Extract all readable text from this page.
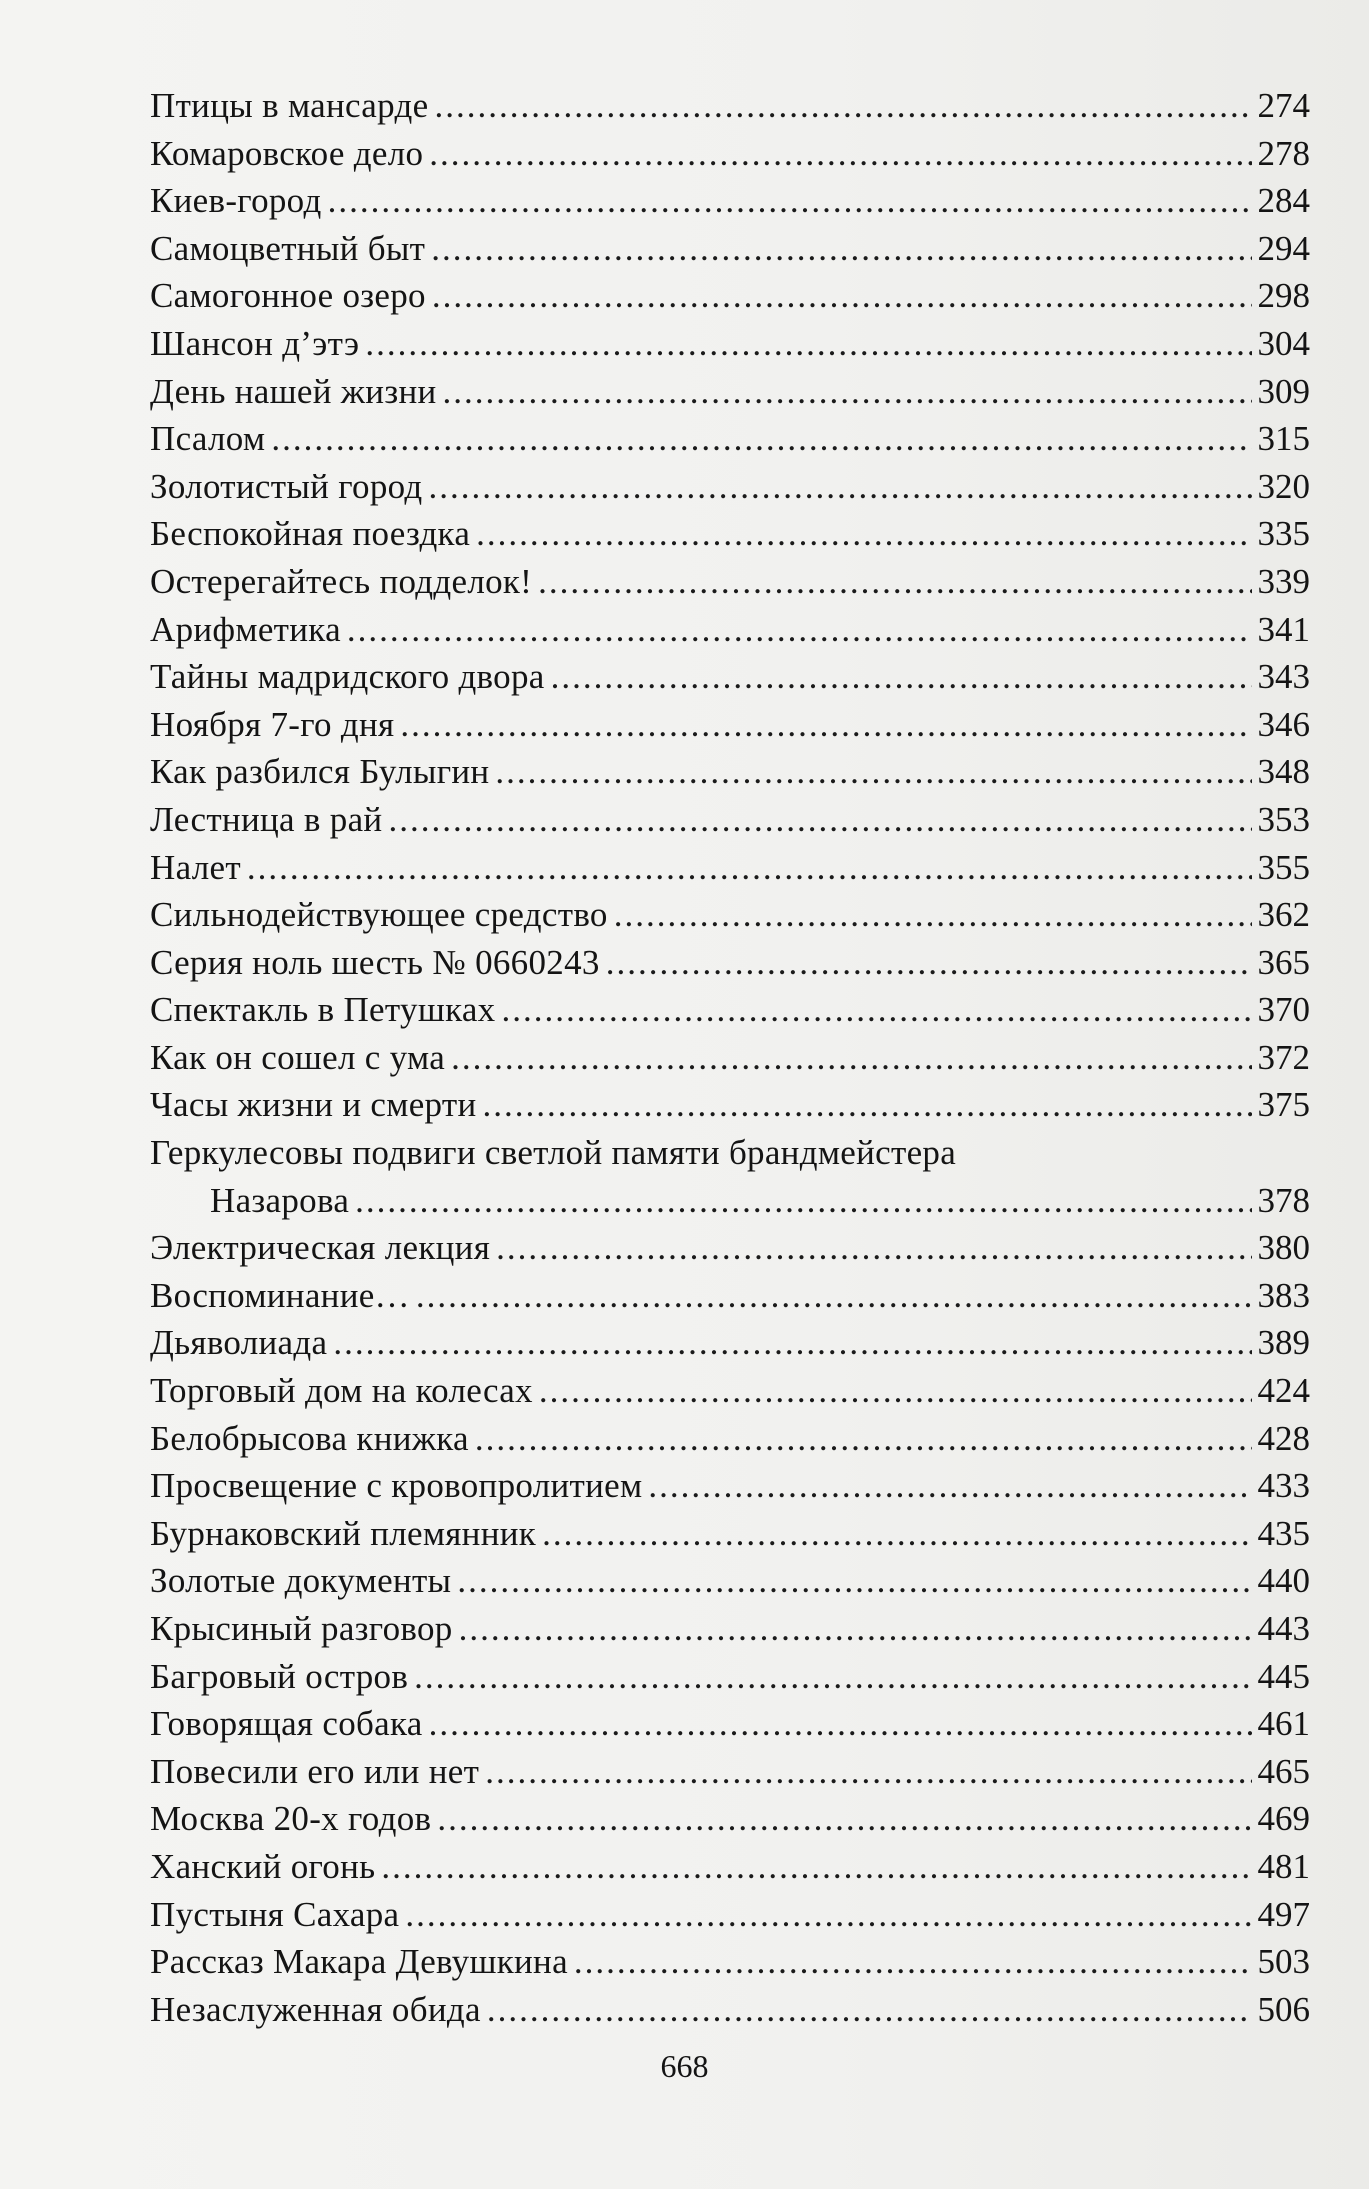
Птицы в мансарде .....	274
Комаровское дело .....	278
Киев-город .....	284
Самоцветный быт .....	294
Самогонное озеро .....	298
Шансон д’этэ .....	304
День нашей жизни .....	309
Псалом .....	315
Золотистый город .....	320
Беспокойная поездка .....	335
Остерегайтесь подделок! .....	339
Арифметика .....	341
Тайны мадридского двора .....	343
Ноября 7-го дня .....	346
Как разбился Булыгин .....	348
Лестница в рай .....	353
Налет .....	355
Сильнодействующее средство .....	362
Серия ноль шесть № 0660243 .....	365
Спектакль в Петушках .....	370
Как он сошел с ума .....	372
Часы жизни и смерти .....	375
Геркулесовы подвиги светлой памяти брандмейстера
Назарова .....	378
Электрическая лекция .....	380
Воспоминание… .....	383
Дьяволиада .....	389
Торговый дом на колесах .....	424
Белобрысова книжка .....	428
Просвещение с кровопролитием .....	433
Бурнаковский племянник .....	435
Золотые документы .....	440
Крысиный разговор .....	443
Багровый остров .....	445
Говорящая собака .....	461
Повесили его или нет .....	465
Москва 20-х годов .....	469
Ханский огонь .....	481
Пустыня Сахара .....	497
Рассказ Макара Девушкина .....	503
Незаслуженная обида .....	506
668
